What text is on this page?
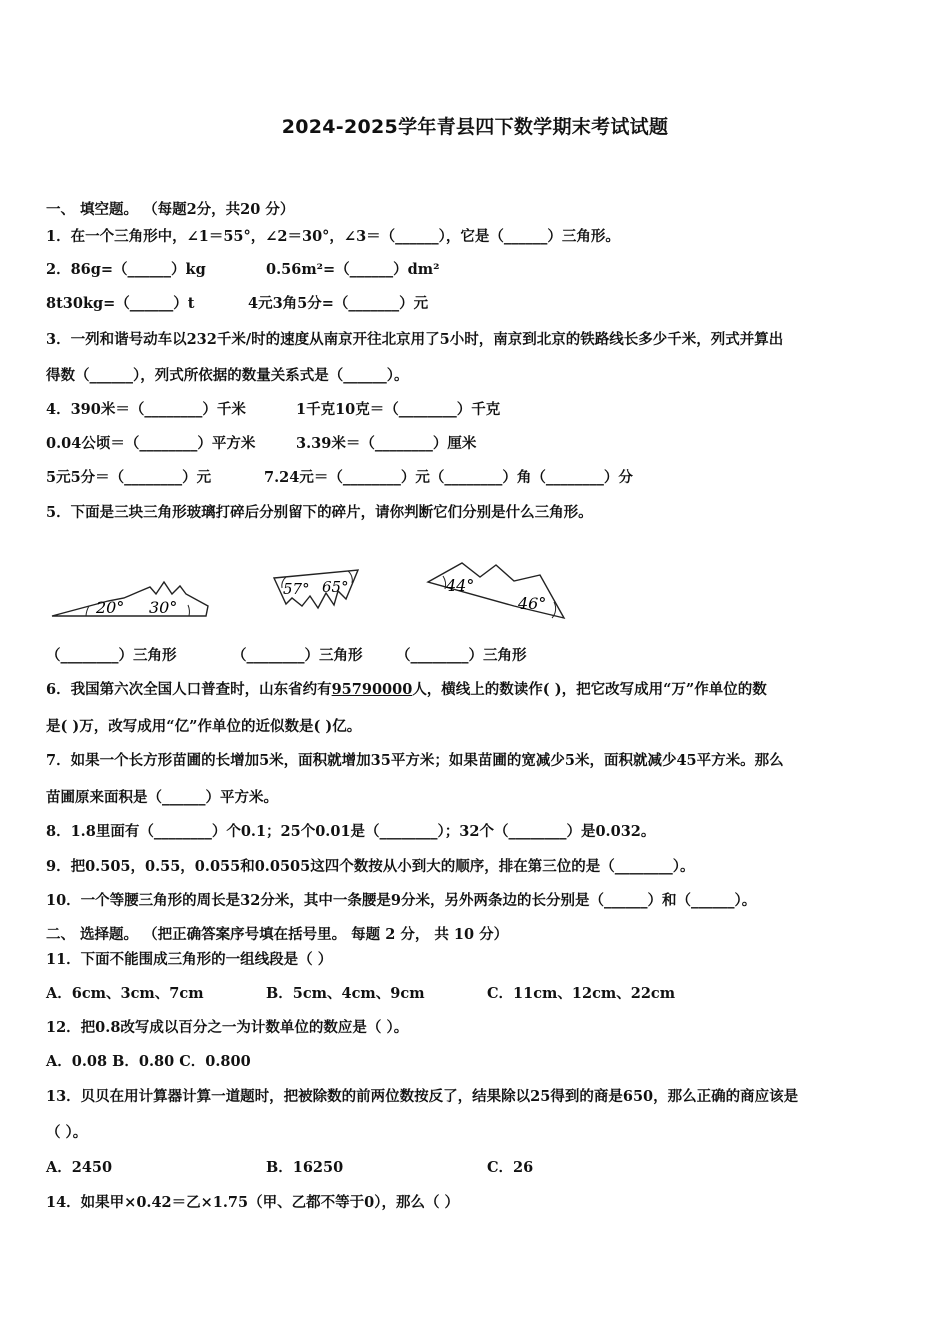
2024-2025学年青县四下数学期末考试试题
一、 填空题。 （每题2分，共20 分）
1．在一个三角形中，∠1＝55°，∠2＝30°，∠3＝（______），它是（______）三角形。
2．86g=（______）kg	0.56m²=（______）dm²
8t30kg=（______）t	4元3角5分=（_______）元
3．一列和谐号动车以232千米/时的速度从南京开往北京用了5小时，南京到北京的铁路线长多少千米，列式并算出
得数（______），列式所依据的数量关系式是（______）。
4．390米＝（________）千米	1千克10克＝（________）千克
0.04公顷＝（________）平方米	3.39米＝（________）厘米
5元5分＝（________）元	7.24元＝（________）元（________）角（________）分
5．下面是三块三角形玻璃打碎后分别留下的碎片，请你判断它们分别是什么三角形。
20° 30°
57° 65°	44°
46°
（________）三角形	（________）三角形 （________）三角形
6．我国第六次全国人口普查时，山东省约有95790000人，横线上的数读作( )，把它改写成用“万”作单位的数
是( )万，改写成用“亿”作单位的近似数是( )亿。
7．如果一个长方形苗圃的长增加5米，面积就增加35平方米；如果苗圃的宽减少5米，面积就减少45平方米。那么
苗圃原来面积是（______）平方米。
8．1.8里面有（________）个0.1；25个0.01是（________）；32个（________）是0.032。
9．把0.505，0.55，0.055和0.0505这四个数按从小到大的顺序，排在第三位的是（________）。
10．一个等腰三角形的周长是32分米，其中一条腰是9分米，另外两条边的长分别是（______）和（______）。
二、 选择题。 （把正确答案序号填在括号里。 每题 2 分， 共 10 分）
11．下面不能围成三角形的一组线段是（ ）
A．6cm、3cm、7cm	B．5cm、4cm、9cm	C．11cm、12cm、22cm
12．把0.8改写成以百分之一为计数单位的数应是（ ）。
A．0.08 B．0.80 C．0.800
13．贝贝在用计算器计算一道题时，把被除数的前两位数按反了，结果除以25得到的商是650，那么正确的商应该是
（ ）。
A．2450	B．16250	C．26
14．如果甲×0.42＝乙×1.75（甲、乙都不等于0），那么（ ）
